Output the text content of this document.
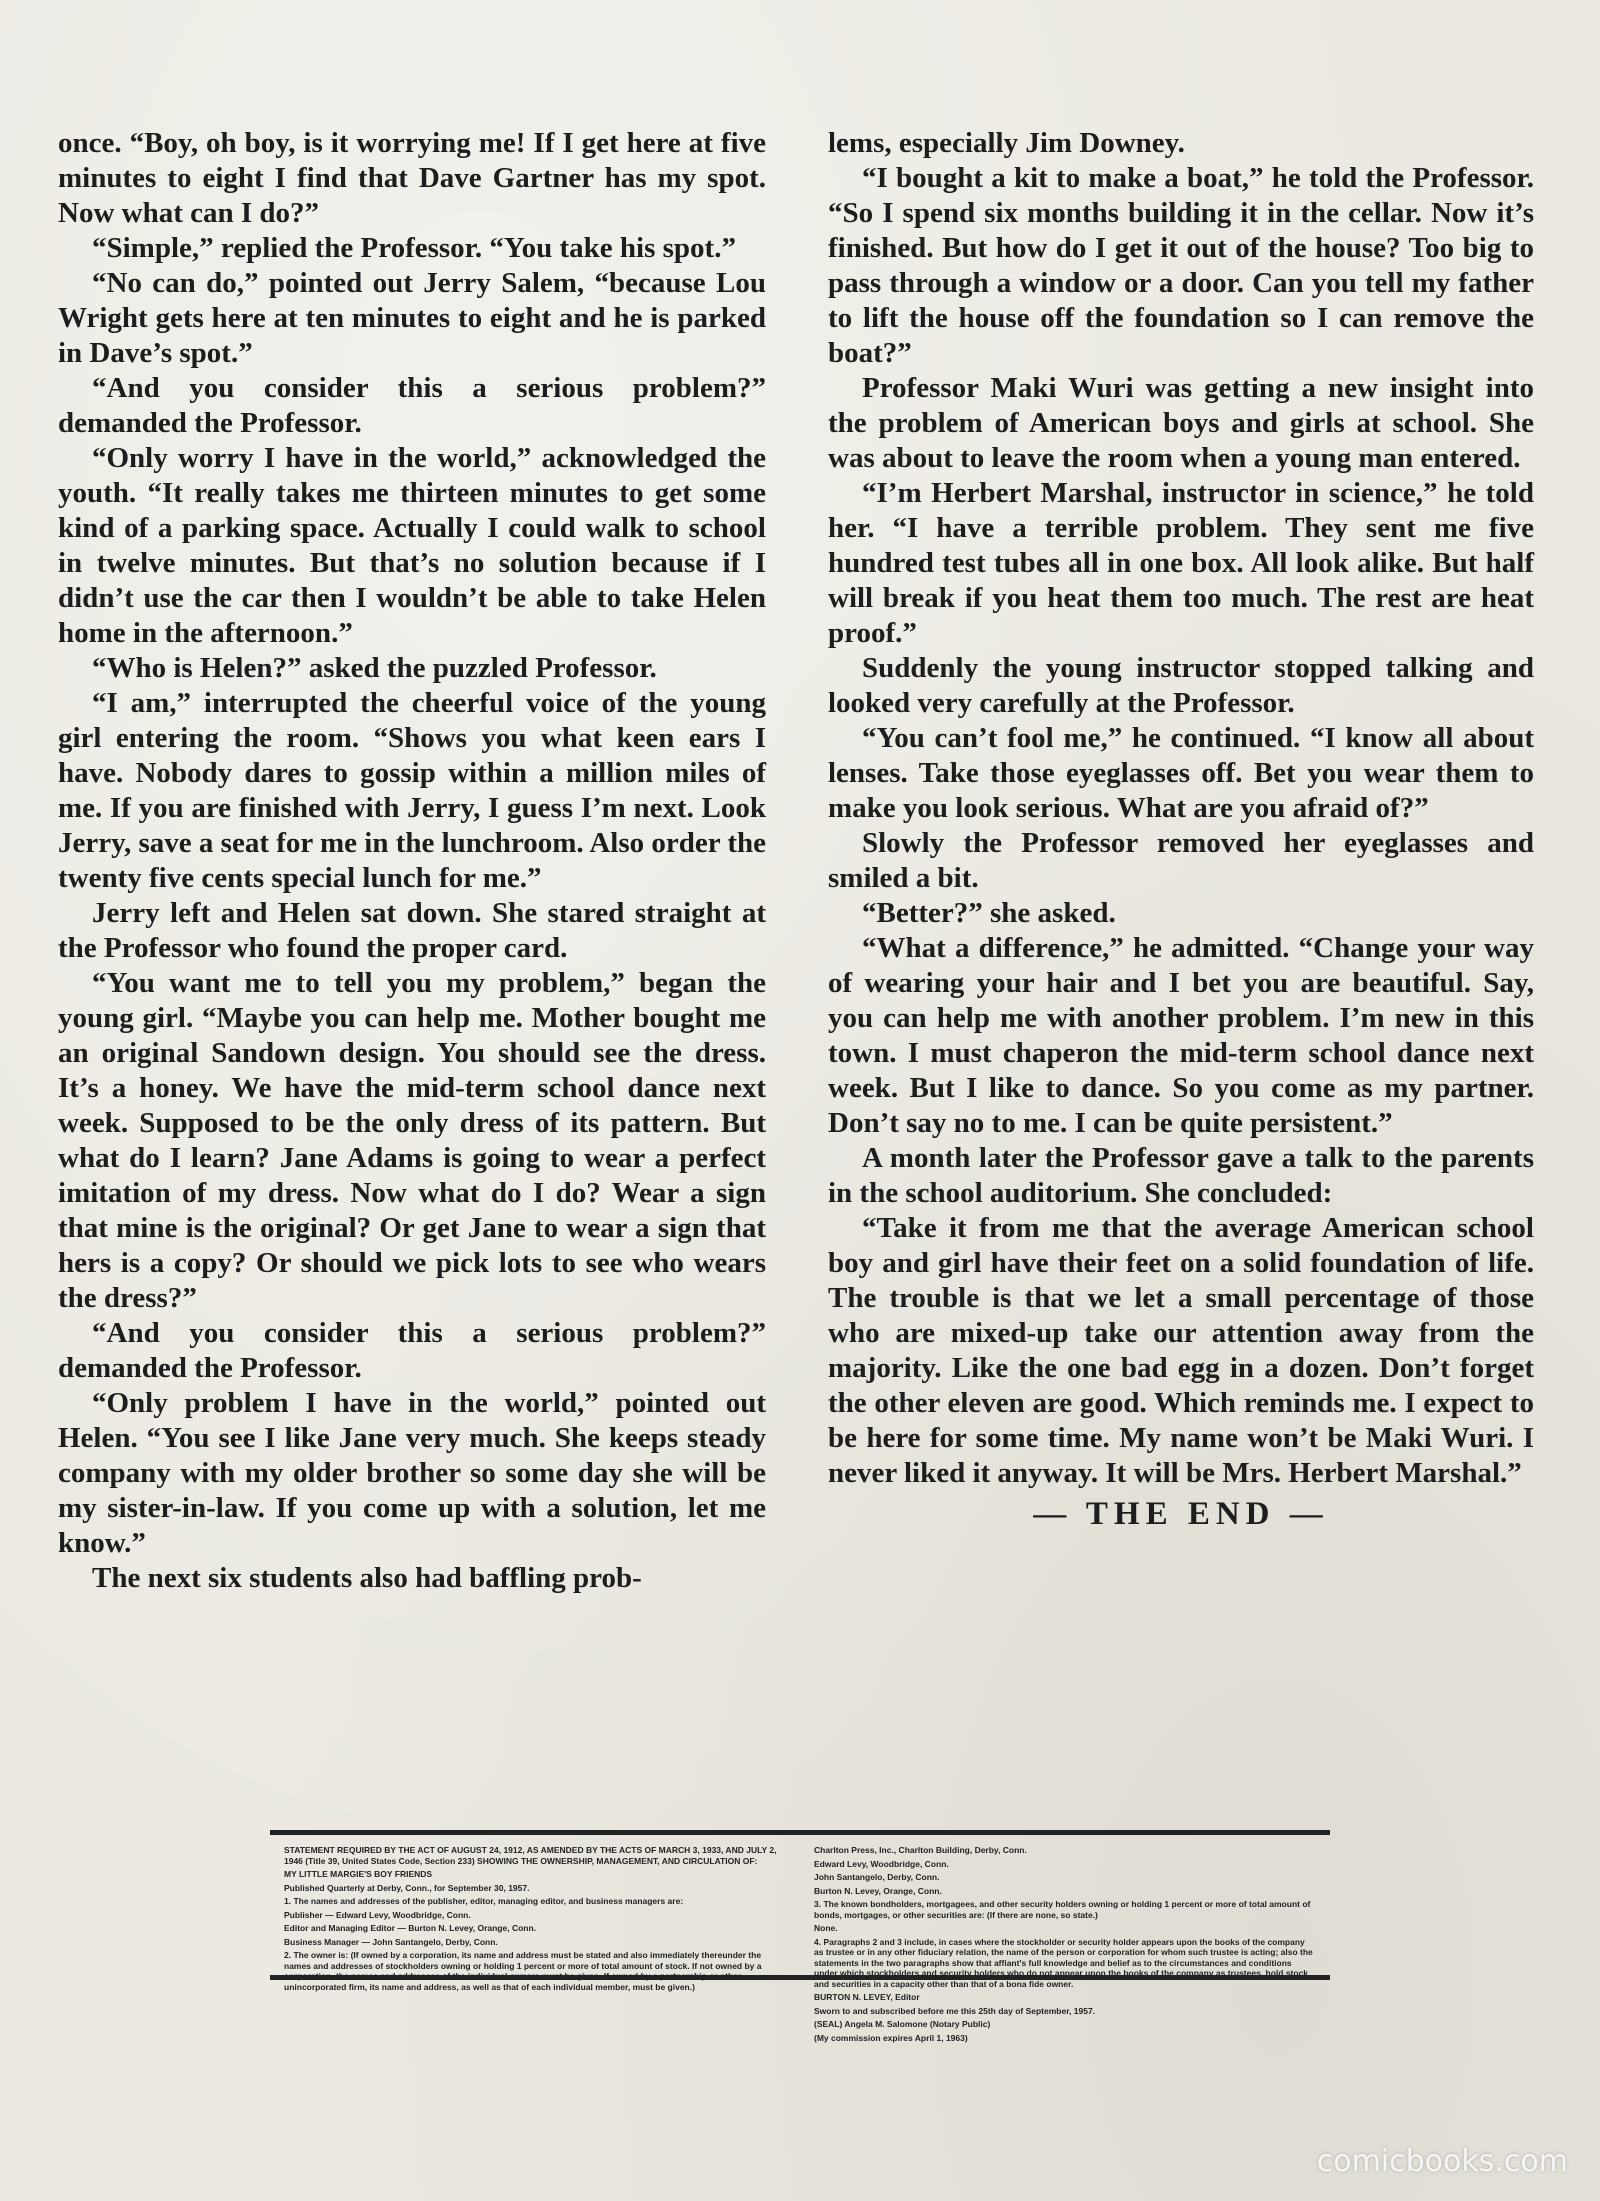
once. “Boy, oh boy, is it worrying me! If I get here at five minutes to eight I find that Dave Gartner has my spot. Now what can I do?”

“Simple,” replied the Professor. “You take his spot.”

“No can do,” pointed out Jerry Salem, “because Lou Wright gets here at ten minutes to eight and he is parked in Dave’s spot.”

“And you consider this a serious problem?” demanded the Professor.

“Only worry I have in the world,” acknowledged the youth. “It really takes me thirteen minutes to get some kind of a parking space. Actually I could walk to school in twelve minutes. But that’s no solution because if I didn’t use the car then I wouldn’t be able to take Helen home in the afternoon.”

“Who is Helen?” asked the puzzled Professor.

“I am,” interrupted the cheerful voice of the young girl entering the room. “Shows you what keen ears I have. Nobody dares to gossip within a million miles of me. If you are finished with Jerry, I guess I’m next. Look Jerry, save a seat for me in the lunchroom. Also order the twenty five cents special lunch for me.”

Jerry left and Helen sat down. She stared straight at the Professor who found the proper card.

“You want me to tell you my problem,” began the young girl. “Maybe you can help me. Mother bought me an original Sandown design. You should see the dress. It’s a honey. We have the mid-term school dance next week. Supposed to be the only dress of its pattern. But what do I learn? Jane Adams is going to wear a perfect imitation of my dress. Now what do I do? Wear a sign that mine is the original? Or get Jane to wear a sign that hers is a copy? Or should we pick lots to see who wears the dress?”

“And you consider this a serious problem?” demanded the Professor.

“Only problem I have in the world,” pointed out Helen. “You see I like Jane very much. She keeps steady company with my older brother so some day she will be my sister-in-law. If you come up with a solution, let me know.”

The next six students also had baffling prob-

lems, especially Jim Downey.

“I bought a kit to make a boat,” he told the Professor. “So I spend six months building it in the cellar. Now it’s finished. But how do I get it out of the house? Too big to pass through a window or a door. Can you tell my father to lift the house off the foundation so I can remove the boat?”

Professor Maki Wuri was getting a new insight into the problem of American boys and girls at school. She was about to leave the room when a young man entered.

“I’m Herbert Marshal, instructor in science,” he told her. “I have a terrible problem. They sent me five hundred test tubes all in one box. All look alike. But half will break if you heat them too much. The rest are heat proof.”

Suddenly the young instructor stopped talking and looked very carefully at the Professor.

“You can’t fool me,” he continued. “I know all about lenses. Take those eyeglasses off. Bet you wear them to make you look serious. What are you afraid of?”

Slowly the Professor removed her eyeglasses and smiled a bit.

“Better?” she asked.

“What a difference,” he admitted. “Change your way of wearing your hair and I bet you are beautiful. Say, you can help me with another problem. I’m new in this town. I must chaperon the mid-term school dance next week. But I like to dance. So you come as my partner. Don’t say no to me. I can be quite persistent.”

A month later the Professor gave a talk to the parents in the school auditorium. She concluded:

“Take it from me that the average American school boy and girl have their feet on a solid foundation of life. The trouble is that we let a small percentage of those who are mixed-up take our attention away from the majority. Like the one bad egg in a dozen. Don’t forget the other eleven are good. Which reminds me. I expect to be here for some time. My name won’t be Maki Wuri. I never liked it anyway. It will be Mrs. Herbert Marshal.”

— THE END —

STATEMENT REQUIRED BY THE ACT OF AUGUST 24, 1912, AS AMENDED BY THE ACTS OF MARCH 3, 1933, AND JULY 2, 1946 (Title 39, United States Code, Section 233) SHOWING THE OWNERSHIP, MANAGEMENT, AND CIRCULATION OF:

MY LITTLE MARGIE'S BOY FRIENDS

Published Quarterly at Derby, Conn., for September 30, 1957.

1. The names and addresses of the publisher, editor, managing editor, and business managers are:

Publisher — Edward Levy, Woodbridge, Conn.

Editor and Managing Editor — Burton N. Levey, Orange, Conn.

Business Manager — John Santangelo, Derby, Conn.

2. The owner is: (If owned by a corporation, its name and address must be stated and also immediately thereunder the names and addresses of stockholders owning or holding 1 percent or more of total amount of stock. If not owned by a corporation, the names and addresses of the individual owners must be given. If owned by a partnership or other unincorporated firm, its name and address, as well as that of each individual member, must be given.)

Charlton Press, Inc., Charlton Building, Derby, Conn.

Edward Levy, Woodbridge, Conn.

John Santangelo, Derby, Conn.

Burton N. Levey, Orange, Conn.

3. The known bondholders, mortgagees, and other security holders owning or holding 1 percent or more of total amount of bonds, mortgages, or other securities are: (If there are none, so state.)

None.

4. Paragraphs 2 and 3 include, in cases where the stockholder or security holder appears upon the books of the company as trustee or in any other fiduciary relation, the name of the person or corporation for whom such trustee is acting; also the statements in the two paragraphs show that affiant's full knowledge and belief as to the circumstances and conditions under which stockholders and security holders who do not appear upon the books of the company as trustees, hold stock and securities in a capacity other than that of a bona fide owner.

BURTON N. LEVEY, Editor

Sworn to and subscribed before me this 25th day of September, 1957.

(SEAL) Angela M. Salomone (Notary Public)

(My commission expires April 1, 1963)

comicbooks.com
